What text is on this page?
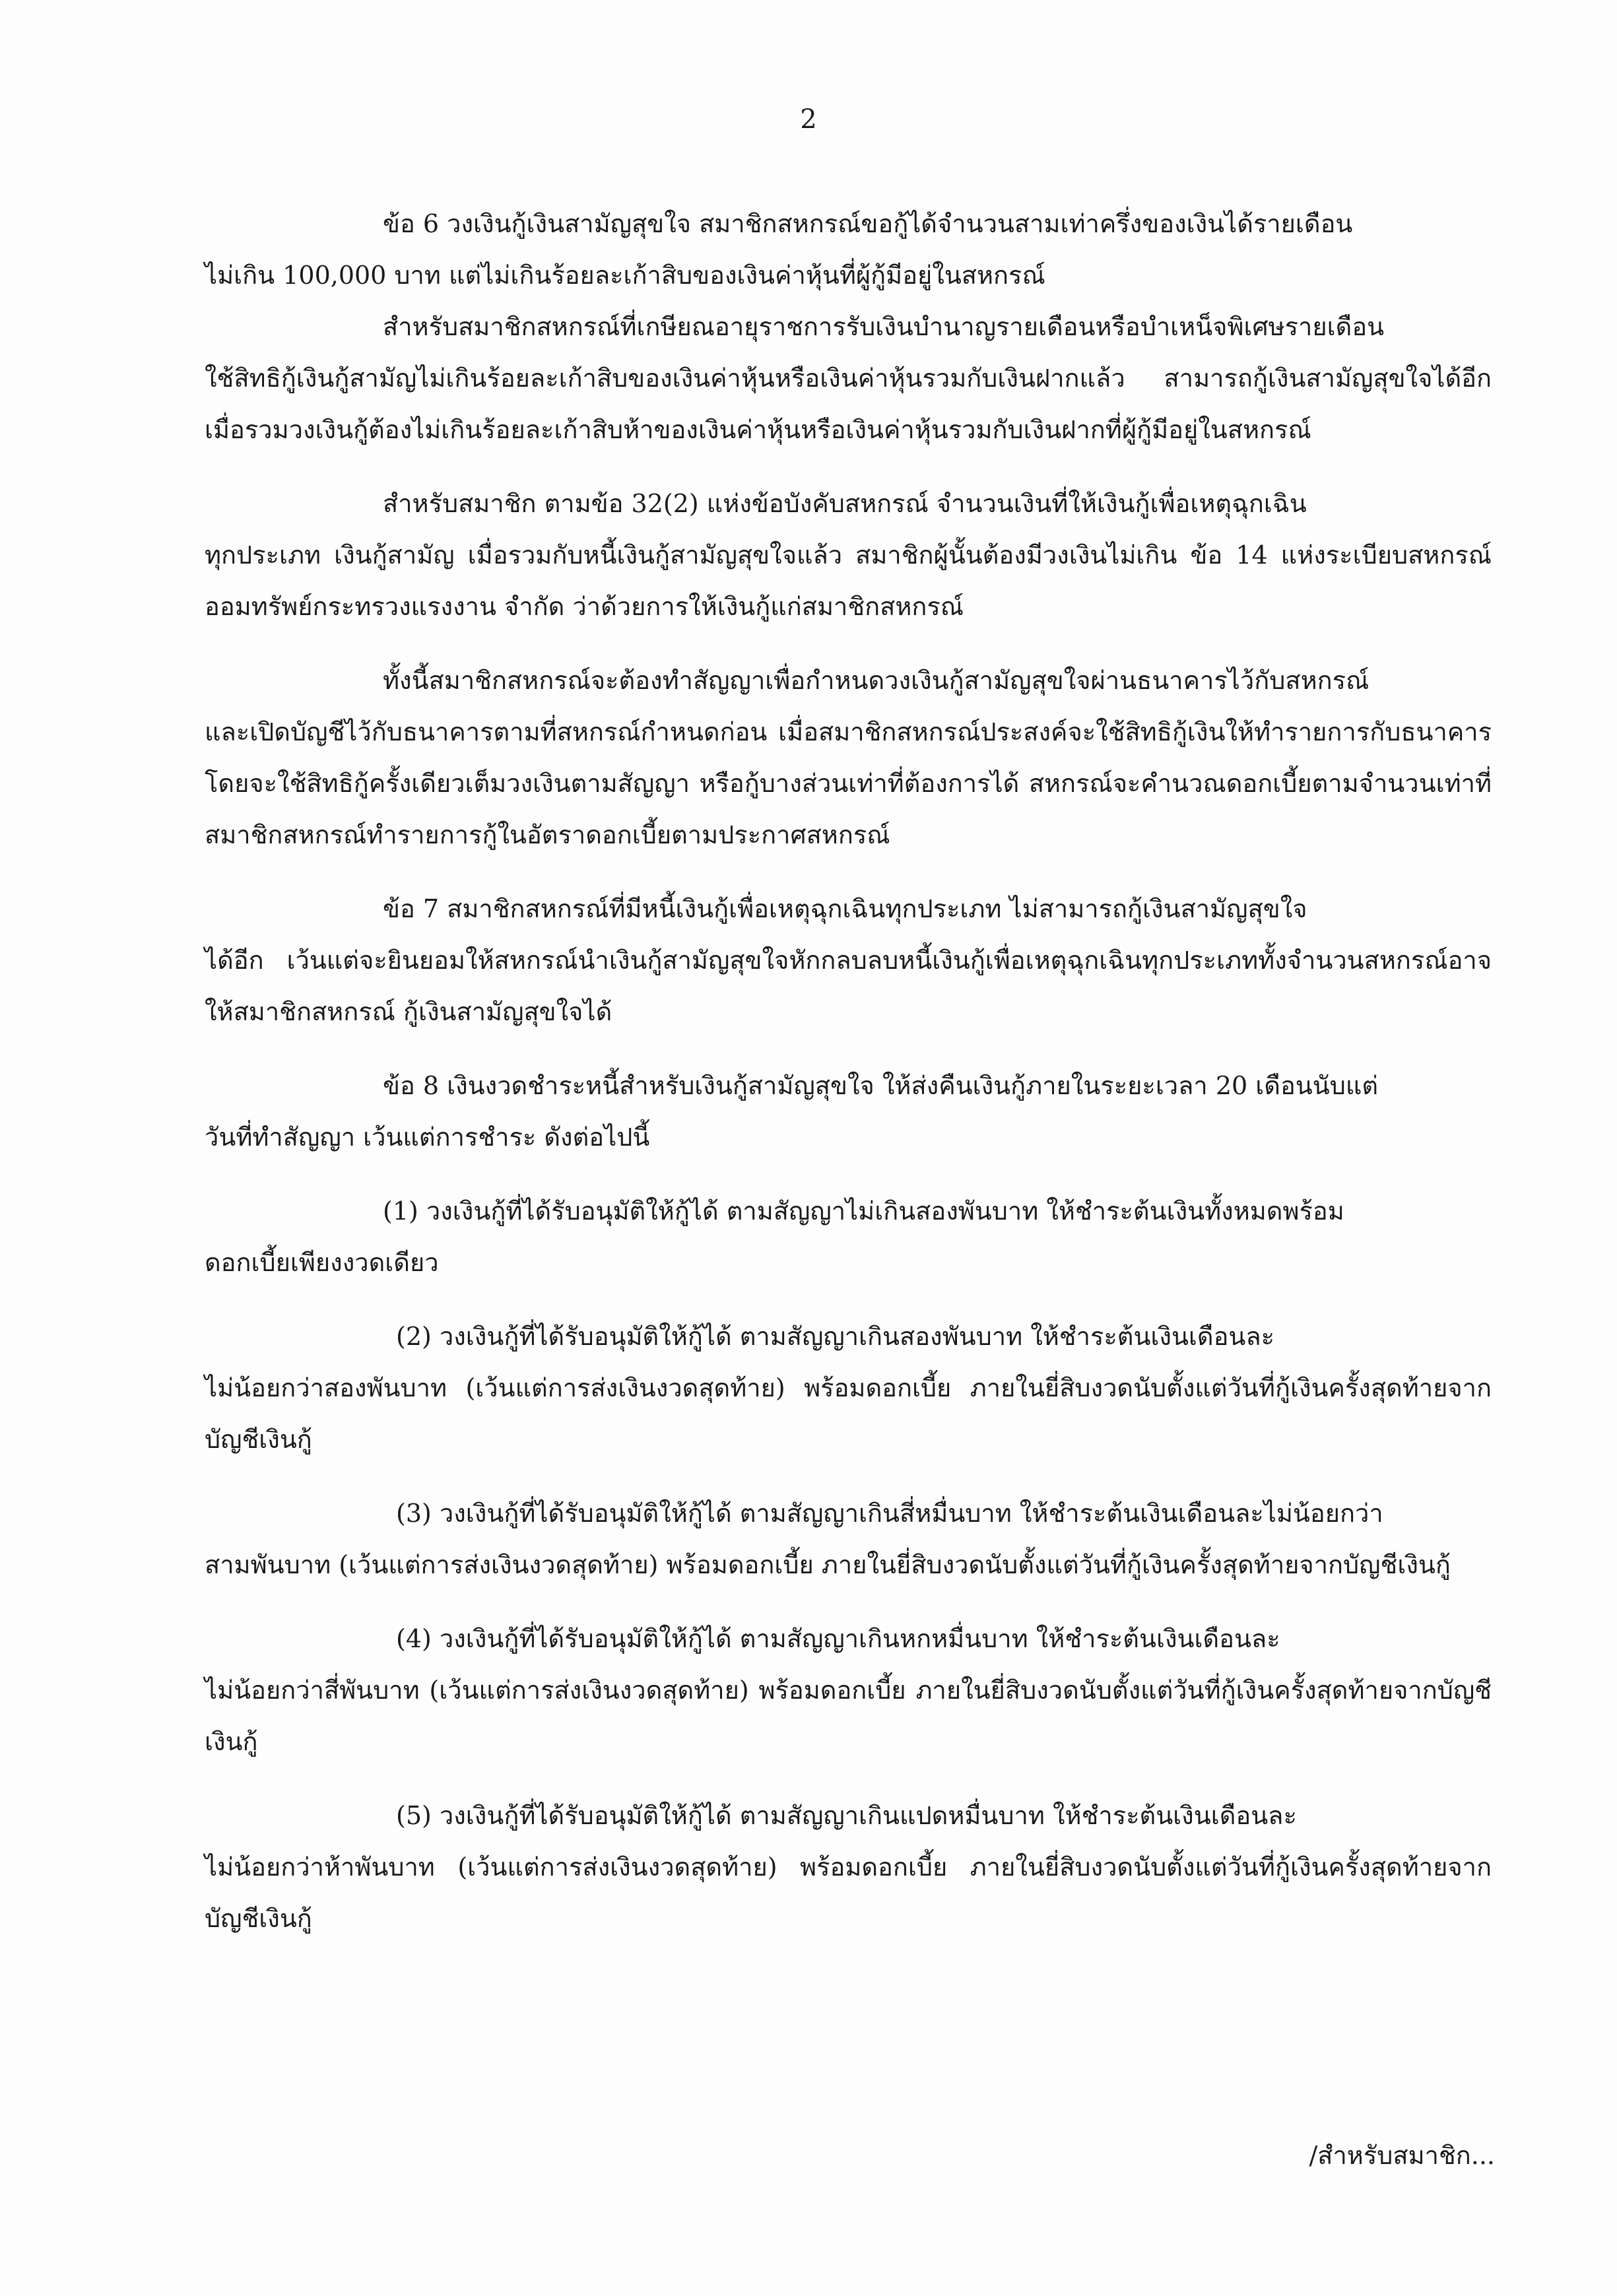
2

ข้อ 6 วงเงินกู้เงินสามัญสุขใจ สมาชิกสหกรณ์ขอกู้ได้จำนวนสามเท่าครึ่งของเงินได้รายเดือน
ไม่เกิน 100,000 บาท แต่ไม่เกินร้อยละเก้าสิบของเงินค่าหุ้นที่ผู้กู้มีอยู่ในสหกรณ์

สำหรับสมาชิกสหกรณ์ที่เกษียณอายุราชการรับเงินบำนาญรายเดือนหรือบำเหน็จพิเศษรายเดือน
ใช้สิทธิกู้เงินกู้สามัญไม่เกินร้อยละเก้าสิบของเงินค่าหุ้นหรือเงินค่าหุ้นรวมกับเงินฝากแล้ว สามารถกู้เงินสามัญสุขใจได้อีก เมื่อรวมวงเงินกู้ต้องไม่เกินร้อยละเก้าสิบห้าของเงินค่าหุ้นหรือเงินค่าหุ้นรวมกับเงินฝากที่ผู้กู้มีอยู่ในสหกรณ์

สำหรับสมาชิก ตามข้อ 32(2) แห่งข้อบังคับสหกรณ์ จำนวนเงินที่ให้เงินกู้เพื่อเหตุฉุกเฉิน
ทุกประเภท เงินกู้สามัญ เมื่อรวมกับหนี้เงินกู้สามัญสุขใจแล้ว สมาชิกผู้นั้นต้องมีวงเงินไม่เกิน ข้อ 14 แห่งระเบียบสหกรณ์ออมทรัพย์กระทรวงแรงงาน จำกัด ว่าด้วยการให้เงินกู้แก่สมาชิกสหกรณ์

ทั้งนี้สมาชิกสหกรณ์จะต้องทำสัญญาเพื่อกำหนดวงเงินกู้สามัญสุขใจผ่านธนาคารไว้กับสหกรณ์
และเปิดบัญชีไว้กับธนาคารตามที่สหกรณ์กำหนดก่อน เมื่อสมาชิกสหกรณ์ประสงค์จะใช้สิทธิกู้เงินให้ทำรายการกับธนาคาร โดยจะใช้สิทธิกู้ครั้งเดียวเต็มวงเงินตามสัญญา หรือกู้บางส่วนเท่าที่ต้องการได้ สหกรณ์จะคำนวณดอกเบี้ยตามจำนวนเท่าที่สมาชิกสหกรณ์ทำรายการกู้ในอัตราดอกเบี้ยตามประกาศสหกรณ์

ข้อ 7 สมาชิกสหกรณ์ที่มีหนี้เงินกู้เพื่อเหตุฉุกเฉินทุกประเภท ไม่สามารถกู้เงินสามัญสุขใจ
ได้อีก เว้นแต่จะยินยอมให้สหกรณ์นำเงินกู้สามัญสุขใจหักกลบลบหนี้เงินกู้เพื่อเหตุฉุกเฉินทุกประเภททั้งจำนวนสหกรณ์อาจให้สมาชิกสหกรณ์ กู้เงินสามัญสุขใจได้

ข้อ 8 เงินงวดชำระหนี้สำหรับเงินกู้สามัญสุขใจ ให้ส่งคืนเงินกู้ภายในระยะเวลา 20 เดือนนับแต่
วันที่ทำสัญญา เว้นแต่การชำระ ดังต่อไปนี้

(1) วงเงินกู้ที่ได้รับอนุมัติให้กู้ได้ ตามสัญญาไม่เกินสองพันบาท ให้ชำระต้นเงินทั้งหมดพร้อม
ดอกเบี้ยเพียงงวดเดียว

(2) วงเงินกู้ที่ได้รับอนุมัติให้กู้ได้ ตามสัญญาเกินสองพันบาท ให้ชำระต้นเงินเดือนละ
ไม่น้อยกว่าสองพันบาท (เว้นแต่การส่งเงินงวดสุดท้าย) พร้อมดอกเบี้ย ภายในยี่สิบงวดนับตั้งแต่วันที่กู้เงินครั้งสุดท้ายจากบัญชีเงินกู้

(3) วงเงินกู้ที่ได้รับอนุมัติให้กู้ได้ ตามสัญญาเกินสี่หมื่นบาท ให้ชำระต้นเงินเดือนละไม่น้อยกว่า
สามพันบาท (เว้นแต่การส่งเงินงวดสุดท้าย) พร้อมดอกเบี้ย ภายในยี่สิบงวดนับตั้งแต่วันที่กู้เงินครั้งสุดท้ายจากบัญชีเงินกู้

(4) วงเงินกู้ที่ได้รับอนุมัติให้กู้ได้ ตามสัญญาเกินหกหมื่นบาท ให้ชำระต้นเงินเดือนละ
ไม่น้อยกว่าสี่พันบาท (เว้นแต่การส่งเงินงวดสุดท้าย) พร้อมดอกเบี้ย ภายในยี่สิบงวดนับตั้งแต่วันที่กู้เงินครั้งสุดท้ายจากบัญชีเงินกู้

(5) วงเงินกู้ที่ได้รับอนุมัติให้กู้ได้ ตามสัญญาเกินแปดหมื่นบาท ให้ชำระต้นเงินเดือนละ
ไม่น้อยกว่าห้าพันบาท (เว้นแต่การส่งเงินงวดสุดท้าย) พร้อมดอกเบี้ย ภายในยี่สิบงวดนับตั้งแต่วันที่กู้เงินครั้งสุดท้ายจากบัญชีเงินกู้

/สำหรับสมาชิก...
